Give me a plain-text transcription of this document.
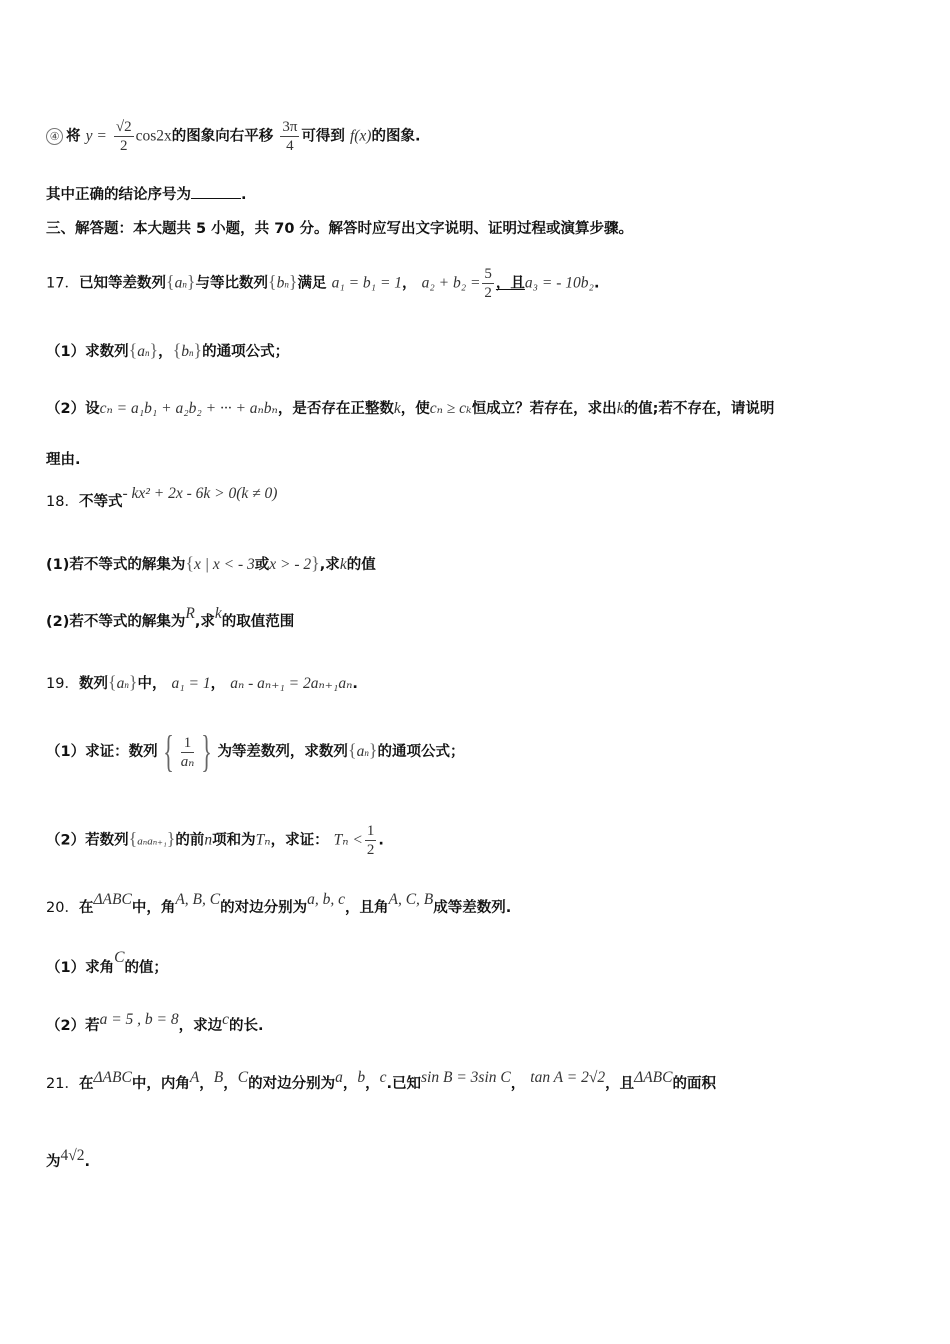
④ 将 $y = \frac{√2}{2} \cos 2x$的图象向右平移 $\frac{3\pi}{4}$ 可得到 f(x)的图象.
其中正确的结论序号为	.
三、解答题：本大题共 5 小题，共 70 分。解答时应写出文字说明、证明过程或演算步骤。
17．已知等差数列{an}与等比数列{bn}满足 a₁ = b₁ = 1， $a_2 + b_2 = \frac{5}{2}$ ，且a₃ = - 10b₂.
（1）求数列{an}，{bn}的通项公式；
（2）设cₙ = a₁b₁ + a₂b₂ + ··· + aₙbₙ，是否存在正整数k，使cₙ ≥ cₖ恒成立？若存在，求出k的值;若不存在，请说明
理由.
18．不等式- kx² + 2x - 6k > 0(k ≠ 0)
(1)若不等式的解集为{x | x < - 3或x > - 2},求k的值
(2)若不等式的解集为R,求k的取值范围
19．数列{an}中， a₁ = 1， aₙ - aₙ₊₁ = 2aₙ₊₁aₙ.
（1）求证：数列 { $\frac{1}{\text{aₙ}}$ } 为等差数列，求数列{an}的通项公式；
（2）若数列{aₙaₙ₊₁}的前n项和为Tₙ，求证： $T_n < \frac{1}{2}$ .
20．在ΔABC中，角A, B, C的对边分别为a, b, c，且角A, C, B成等差数列.
（1）求角C的值；
（2）若a = 5 , b = 8，求边c的长.
21．在ΔABC中，内角A，B，C的对边分别为a，b，c.已知sin B = 3sin C， tan A = 2√2，且ΔABC的面积
为4√2.
